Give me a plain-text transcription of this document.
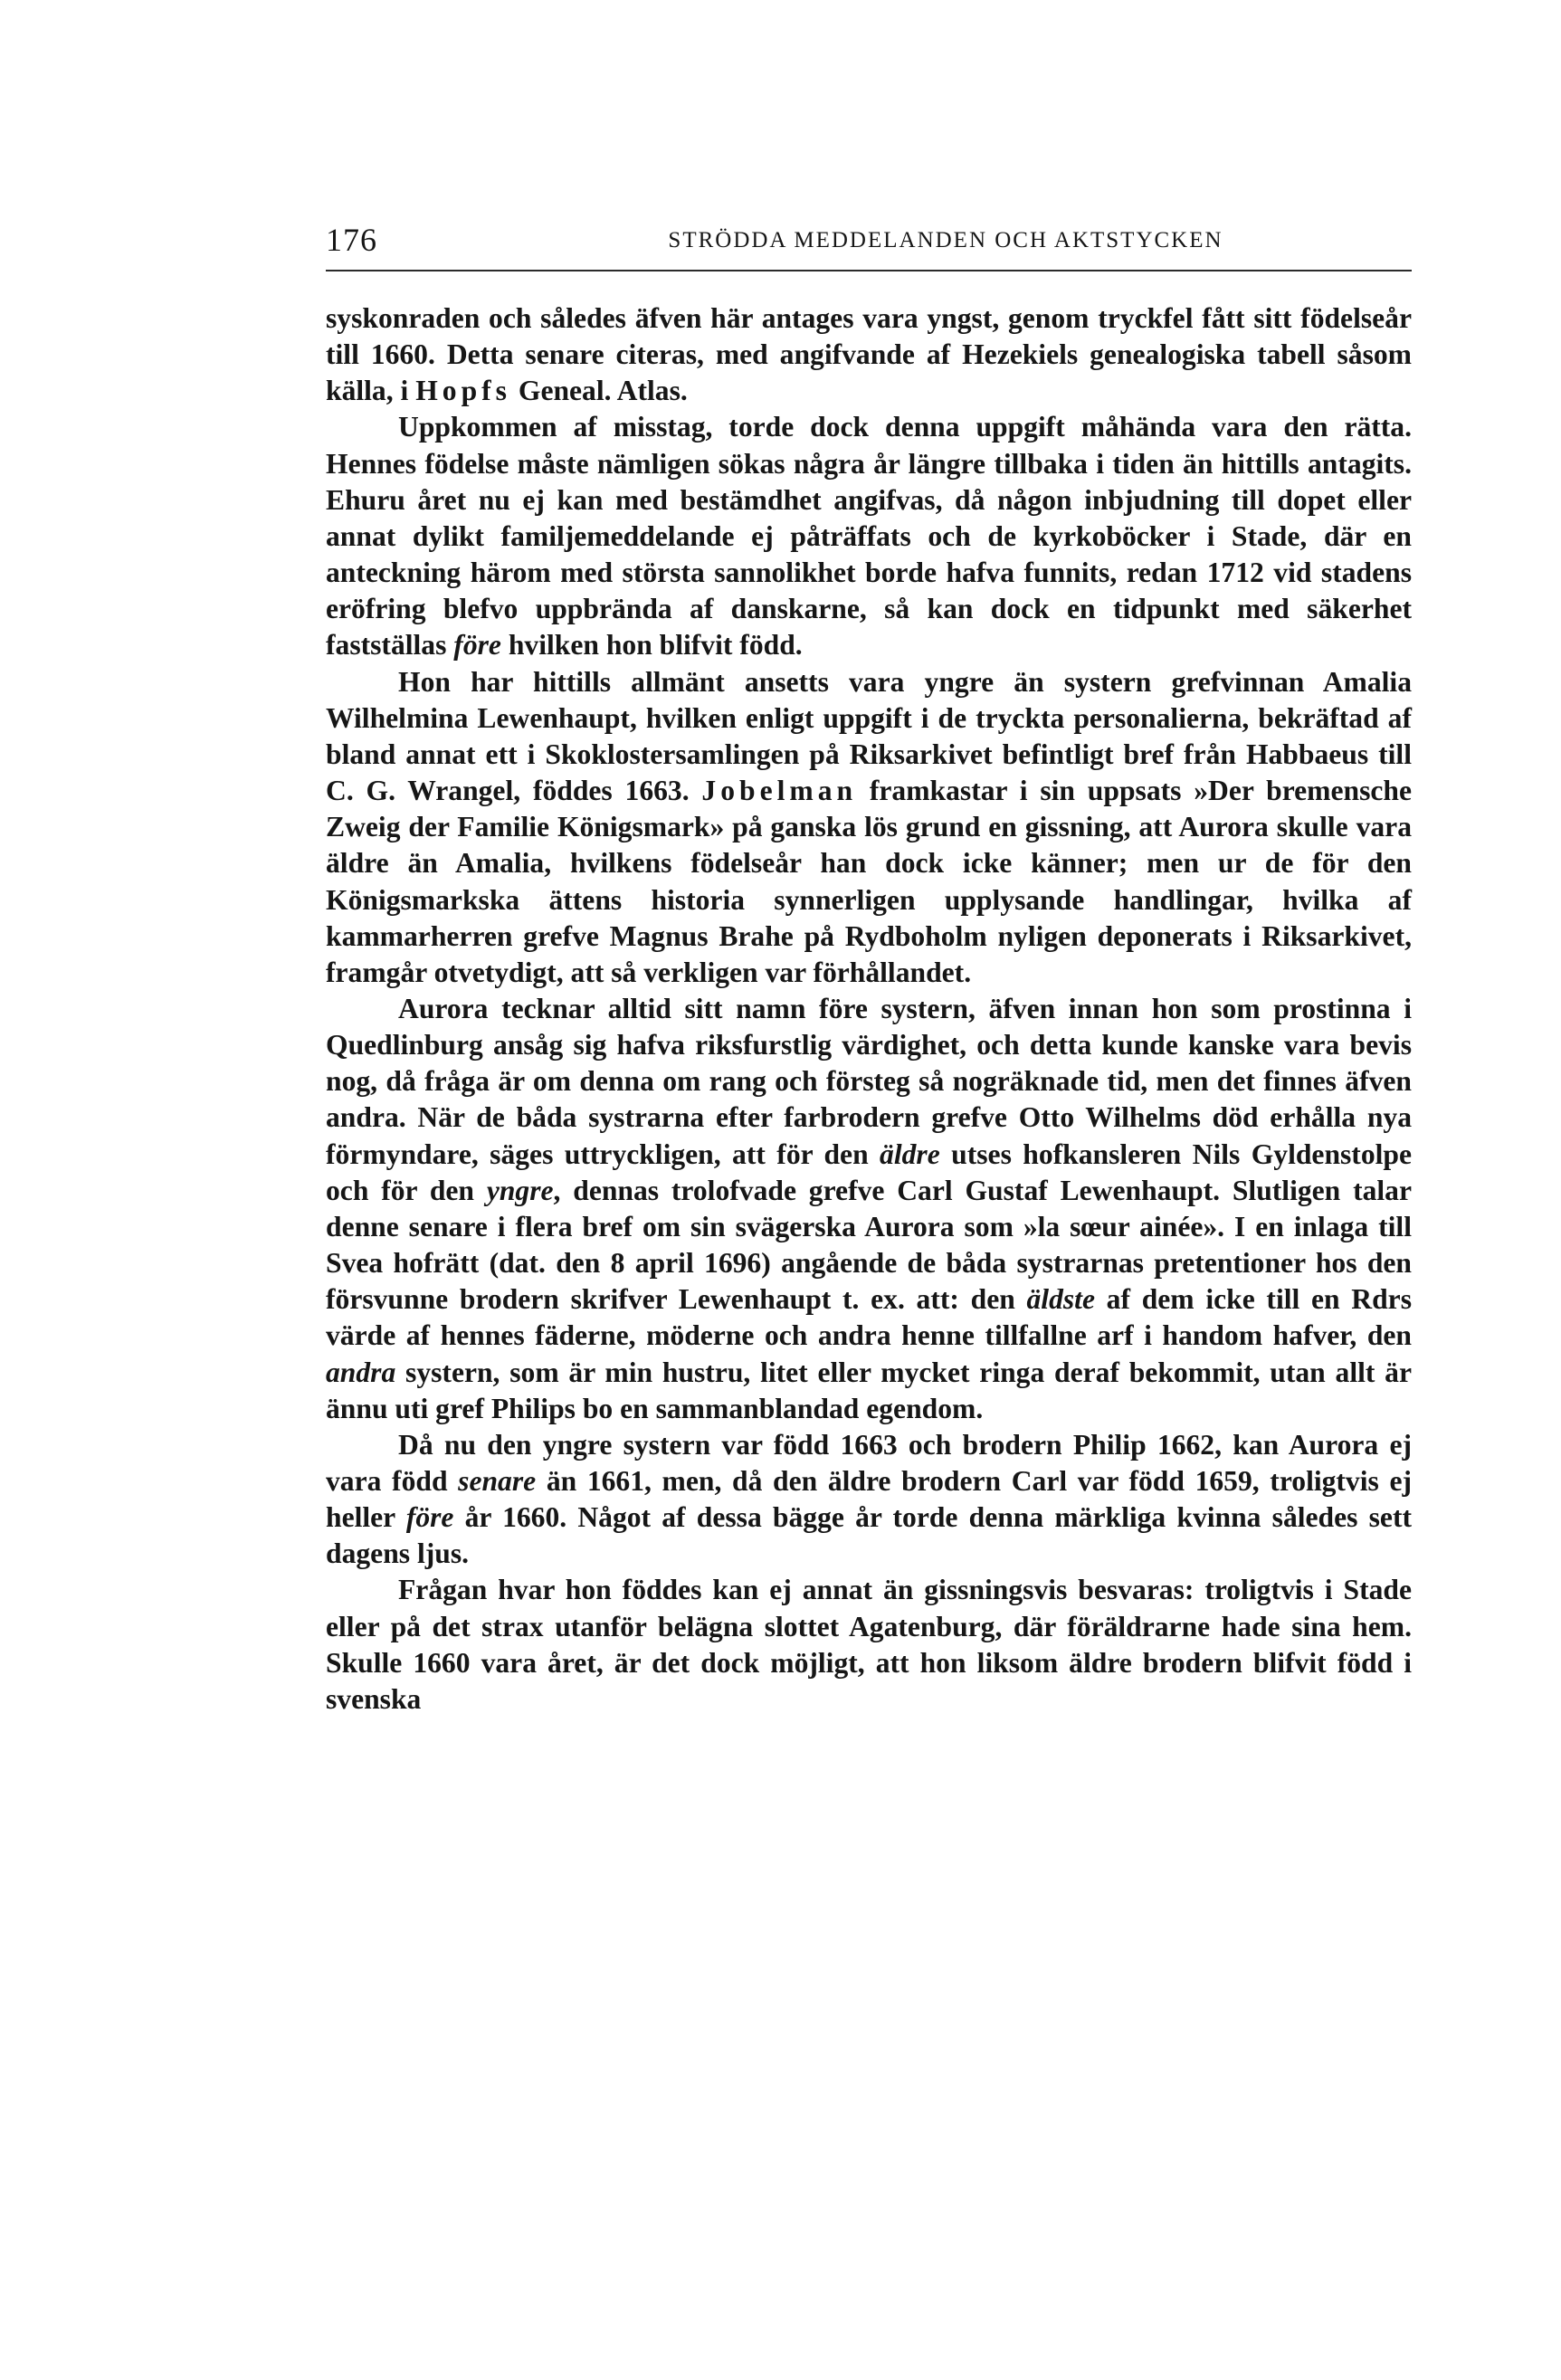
176	STRÖDDA MEDDELANDEN OCH AKTSTYCKEN

syskonraden och således äfven här antages vara yngst, genom tryckfel fått sitt födelseår till 1660. Detta senare citeras, med angifvande af Hezekiels genealogiska tabell såsom källa, i Hopfs Geneal. Atlas.

Uppkommen af misstag, torde dock denna uppgift måhända vara den rätta. Hennes födelse måste nämligen sökas några år längre tillbaka i tiden än hittills antagits. Ehuru året nu ej kan med bestämdhet angifvas, då någon inbjudning till dopet eller annat dylikt familjemeddelande ej påträffats och de kyrkoböcker i Stade, där en anteckning härom med största sannolikhet borde hafva funnits, redan 1712 vid stadens eröfring blefvo uppbrända af danskarne, så kan dock en tidpunkt med säkerhet fastställas före hvilken hon blifvit född.

Hon har hittills allmänt ansetts vara yngre än systern grefvinnan Amalia Wilhelmina Lewenhaupt, hvilken enligt uppgift i de tryckta personalierna, bekräftad af bland annat ett i Skoklostersamlingen på Riksarkivet befintligt bref från Habbaeus till C. G. Wrangel, föddes 1663. Jobelman framkastar i sin uppsats »Der bremensche Zweig der Familie Königsmark» på ganska lös grund en gissning, att Aurora skulle vara äldre än Amalia, hvilkens födelseår han dock icke känner; men ur de för den Königsmarkska ättens historia synnerligen upplysande handlingar, hvilka af kammarherren grefve Magnus Brahe på Rydboholm nyligen deponerats i Riksarkivet, framgår otvetydigt, att så verkligen var förhållandet.

Aurora tecknar alltid sitt namn före systern, äfven innan hon som prostinna i Quedlinburg ansåg sig hafva riksfurstlig värdighet, och detta kunde kanske vara bevis nog, då fråga är om denna om rang och försteg så nogräknade tid, men det finnes äfven andra. När de båda systrarna efter farbrodern grefve Otto Wilhelms död erhålla nya förmyndare, säges uttryckligen, att för den äldre utses hofkansleren Nils Gyldenstolpe och för den yngre, dennas trolofvade grefve Carl Gustaf Lewenhaupt. Slutligen talar denne senare i flera bref om sin svägerska Aurora som »la sœur ainée». I en inlaga till Svea hofrätt (dat. den 8 april 1696) angående de båda systrarnas pretentioner hos den försvunne brodern skrifver Lewenhaupt t. ex. att: den äldste af dem icke till en Rdrs värde af hennes fäderne, möderne och andra henne tillfallne arf i handom hafver, den andra systern, som är min hustru, litet eller mycket ringa deraf bekommit, utan allt är ännu uti gref Philips bo en sammanblandad egendom.

Då nu den yngre systern var född 1663 och brodern Philip 1662, kan Aurora ej vara född senare än 1661, men, då den äldre brodern Carl var född 1659, troligtvis ej heller före år 1660. Något af dessa bägge år torde denna märkliga kvinna således sett dagens ljus.

Frågan hvar hon föddes kan ej annat än gissningsvis besvaras: troligtvis i Stade eller på det strax utanför belägna slottet Agatenburg, där föräldrarne hade sina hem. Skulle 1660 vara året, är det dock möjligt, att hon liksom äldre brodern blifvit född i svenska
